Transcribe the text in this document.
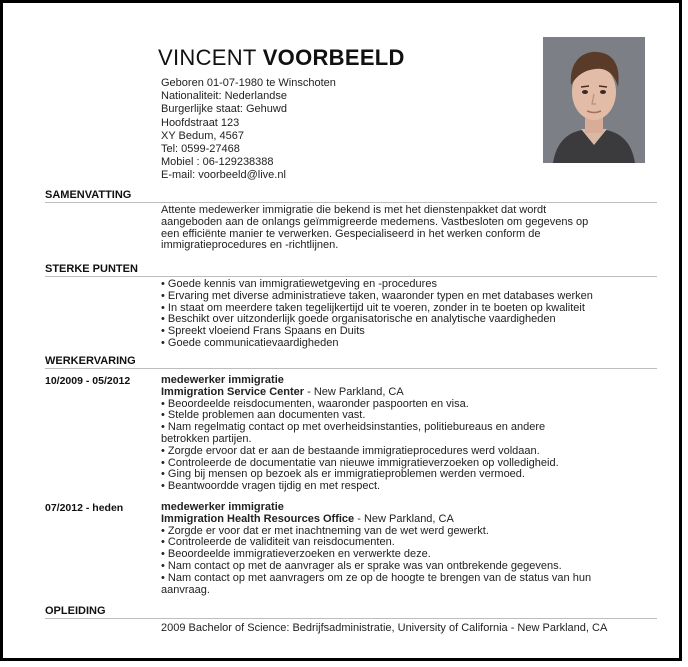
VINCENT VOORBEELD
Geboren 01-07-1980 te Winschoten
Nationaliteit: Nederlandse
Burgerlijke staat: Gehuwd
Hoofdstraat 123
XY Bedum, 4567
Tel: 0599-27468
Mobiel : 06-129238388
E-mail: voorbeeld@live.nl
SAMENVATTING
Attente medewerker immigratie die bekend is met het dienstenpakket dat wordt
aangeboden aan de onlangs geïmmigreerde medemens. Vastbesloten om gegevens op
een efficiënte manier te verwerken. Gespecialiseerd in het werken conform de
immigratieprocedures en -richtlijnen.
STERKE PUNTEN
• Goede kennis van immigratiewetgeving en -procedures
• Ervaring met diverse administratieve taken, waaronder typen en met databases werken
• In staat om meerdere taken tegelijkertijd uit te voeren, zonder in te boeten op kwaliteit
• Beschikt over uitzonderlijk goede organisatorische en analytische vaardigheden
• Spreekt vloeiend Frans Spaans en Duits
• Goede communicatievaardigheden
WERKERVARING
10/2009 - 05/2012	medewerker immigratie
Immigration Service Center - New Parkland, CA
• Beoordeelde reisdocumenten, waaronder paspoorten en visa.
• Stelde problemen aan documenten vast.
• Nam regelmatig contact op met overheidsinstanties, politiebureaus en andere
betrokken partijen.
• Zorgde ervoor dat er aan de bestaande immigratieprocedures werd voldaan.
• Controleerde de documentatie van nieuwe immigratieverzoeken op volledigheid.
• Ging bij mensen op bezoek als er immigratieproblemen werden vermoed.
• Beantwoordde vragen tijdig en met respect.
07/2012 - heden	medewerker immigratie
Immigration Health Resources Office - New Parkland, CA
• Zorgde er voor dat er met inachtneming van de wet werd gewerkt.
• Controleerde de validiteit van reisdocumenten.
• Beoordeelde immigratieverzoeken en verwerkte deze.
• Nam contact op met de aanvrager als er sprake was van ontbrekende gegevens.
• Nam contact op met aanvragers om ze op de hoogte te brengen van de status van hun
aanvraag.
OPLEIDING
2009 Bachelor of Science: Bedrijfsadministratie, University of California - New Parkland, CA
